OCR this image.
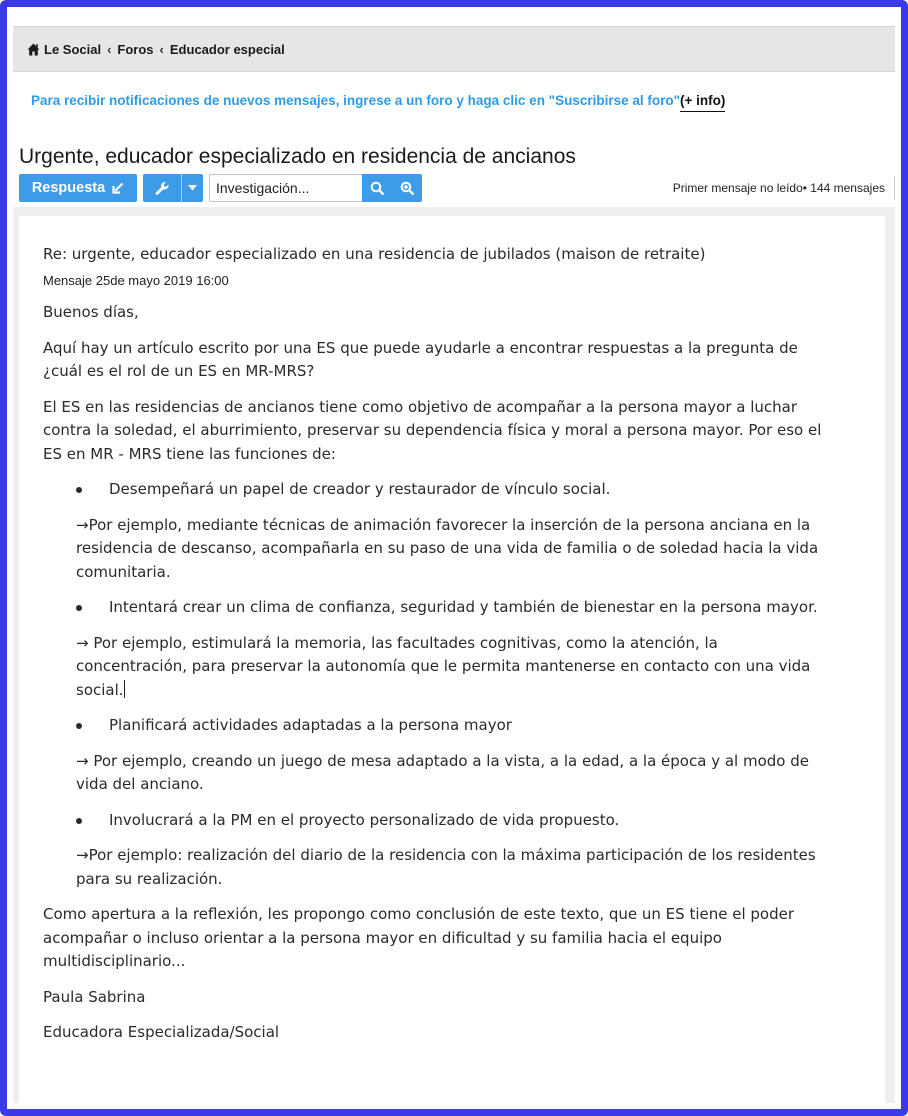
Le Social ‹ Foros ‹ Educador especial
Para recibir notificaciones de nuevos mensajes, ingrese a un foro y haga clic en "Suscribirse al foro"(+ info)
Urgente, educador especializado en residencia de ancianos
Respuesta
Investigación...	Primer mensaje no leído• 144 mensajes
Re: urgente, educador especializado en una residencia de jubilados (maison de retraite)
Mensaje 25de mayo 2019 16:00

Buenos días,

Aquí hay un artículo escrito por una ES que puede ayudarle a encontrar respuestas a la pregunta de ¿cuál es el rol de un ES en MR-MRS?

El ES en las residencias de ancianos tiene como objetivo de acompañar a la persona mayor a luchar contra la soledad, el aburrimiento, preservar su dependencia física y moral a persona mayor. Por eso el ES en MR - MRS tiene las funciones de:

Desempeñará un papel de creador y restaurador de vínculo social.

→Por ejemplo, mediante técnicas de animación favorecer la inserción de la persona anciana en la residencia de descanso, acompañarla en su paso de una vida de familia o de soledad hacia la vida comunitaria.

Intentará crear un clima de confianza, seguridad y también de bienestar en la persona mayor.

→ Por ejemplo, estimulará la memoria, las facultades cognitivas, como la atención, la concentración, para preservar la autonomía que le permita mantenerse en contacto con una vida social.

Planificará actividades adaptadas a la persona mayor

→ Por ejemplo, creando un juego de mesa adaptado a la vista, a la edad, a la época y al modo de vida del anciano.

Involucrará a la PM en el proyecto personalizado de vida propuesto.

→Por ejemplo: realización del diario de la residencia con la máxima participación de los residentes para su realización.

Como apertura a la reflexión, les propongo como conclusión de este texto, que un ES tiene el poder acompañar o incluso orientar a la persona mayor en dificultad y su familia hacia el equipo multidisciplinario...

Paula Sabrina

Educadora Especializada/Social
